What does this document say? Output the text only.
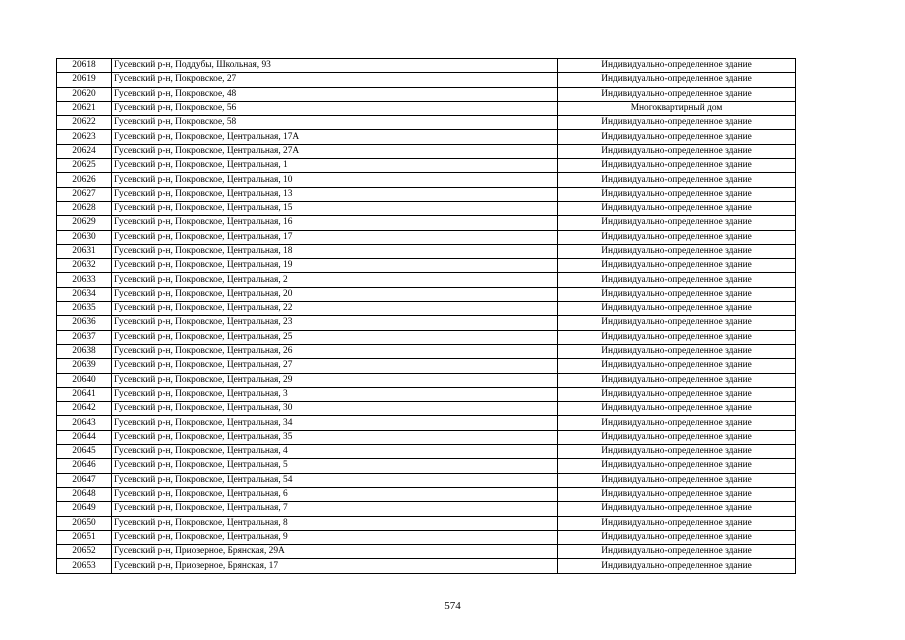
20618	Гусевский р-н, Поддубы, Школьная, 93	Индивидуально-определенное здание
20619	Гусевский р-н, Покровское, 27	Индивидуально-определенное здание
20620	Гусевский р-н, Покровское, 48	Индивидуально-определенное здание
20621	Гусевский р-н, Покровское, 56	Многоквартирный дом
20622	Гусевский р-н, Покровское, 58	Индивидуально-определенное здание
20623	Гусевский р-н, Покровское, Центральная, 17А	Индивидуально-определенное здание
20624	Гусевский р-н, Покровское, Центральная, 27А	Индивидуально-определенное здание
20625	Гусевский р-н, Покровское, Центральная, 1	Индивидуально-определенное здание
20626	Гусевский р-н, Покровское, Центральная, 10	Индивидуально-определенное здание
20627	Гусевский р-н, Покровское, Центральная, 13	Индивидуально-определенное здание
20628	Гусевский р-н, Покровское, Центральная, 15	Индивидуально-определенное здание
20629	Гусевский р-н, Покровское, Центральная, 16	Индивидуально-определенное здание
20630	Гусевский р-н, Покровское, Центральная, 17	Индивидуально-определенное здание
20631	Гусевский р-н, Покровское, Центральная, 18	Индивидуально-определенное здание
20632	Гусевский р-н, Покровское, Центральная, 19	Индивидуально-определенное здание
20633	Гусевский р-н, Покровское, Центральная, 2	Индивидуально-определенное здание
20634	Гусевский р-н, Покровское, Центральная, 20	Индивидуально-определенное здание
20635	Гусевский р-н, Покровское, Центральная, 22	Индивидуально-определенное здание
20636	Гусевский р-н, Покровское, Центральная, 23	Индивидуально-определенное здание
20637	Гусевский р-н, Покровское, Центральная, 25	Индивидуально-определенное здание
20638	Гусевский р-н, Покровское, Центральная, 26	Индивидуально-определенное здание
20639	Гусевский р-н, Покровское, Центральная, 27	Индивидуально-определенное здание
20640	Гусевский р-н, Покровское, Центральная, 29	Индивидуально-определенное здание
20641	Гусевский р-н, Покровское, Центральная, 3	Индивидуально-определенное здание
20642	Гусевский р-н, Покровское, Центральная, 30	Индивидуально-определенное здание
20643	Гусевский р-н, Покровское, Центральная, 34	Индивидуально-определенное здание
20644	Гусевский р-н, Покровское, Центральная, 35	Индивидуально-определенное здание
20645	Гусевский р-н, Покровское, Центральная, 4	Индивидуально-определенное здание
20646	Гусевский р-н, Покровское, Центральная, 5	Индивидуально-определенное здание
20647	Гусевский р-н, Покровское, Центральная, 54	Индивидуально-определенное здание
20648	Гусевский р-н, Покровское, Центральная, 6	Индивидуально-определенное здание
20649	Гусевский р-н, Покровское, Центральная, 7	Индивидуально-определенное здание
20650	Гусевский р-н, Покровское, Центральная, 8	Индивидуально-определенное здание
20651	Гусевский р-н, Покровское, Центральная, 9	Индивидуально-определенное здание
20652	Гусевский р-н, Приозерное, Брянская, 29А	Индивидуально-определенное здание
20653	Гусевский р-н, Приозерное, Брянская, 17	Индивидуально-определенное здание
574
